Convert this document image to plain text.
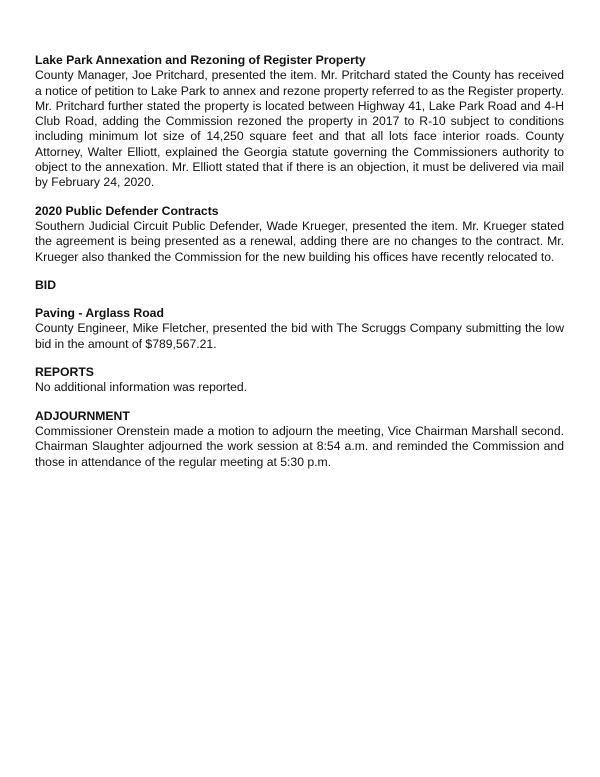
Lake Park Annexation and Rezoning of Register Property

County Manager, Joe Pritchard, presented the item. Mr. Pritchard stated the County has received a notice of petition to Lake Park to annex and rezone property referred to as the Register property. Mr. Pritchard further stated the property is located between Highway 41, Lake Park Road and 4-H Club Road, adding the Commission rezoned the property in 2017 to R-10 subject to conditions including minimum lot size of 14,250 square feet and that all lots face interior roads. County Attorney, Walter Elliott, explained the Georgia statute governing the Commissioners authority to object to the annexation. Mr. Elliott stated that if there is an objection, it must be delivered via mail by February 24, 2020.

2020 Public Defender Contracts

Southern Judicial Circuit Public Defender, Wade Krueger, presented the item. Mr. Krueger stated the agreement is being presented as a renewal, adding there are no changes to the contract. Mr. Krueger also thanked the Commission for the new building his offices have recently relocated to.

BID
Paving - Arglass Road

County Engineer, Mike Fletcher, presented the bid with The Scruggs Company submitting the low bid in the amount of $789,567.21.

REPORTS

No additional information was reported.

ADJOURNMENT

Commissioner Orenstein made a motion to adjourn the meeting, Vice Chairman Marshall second. Chairman Slaughter adjourned the work session at 8:54 a.m. and reminded the Commission and those in attendance of the regular meeting at 5:30 p.m.
